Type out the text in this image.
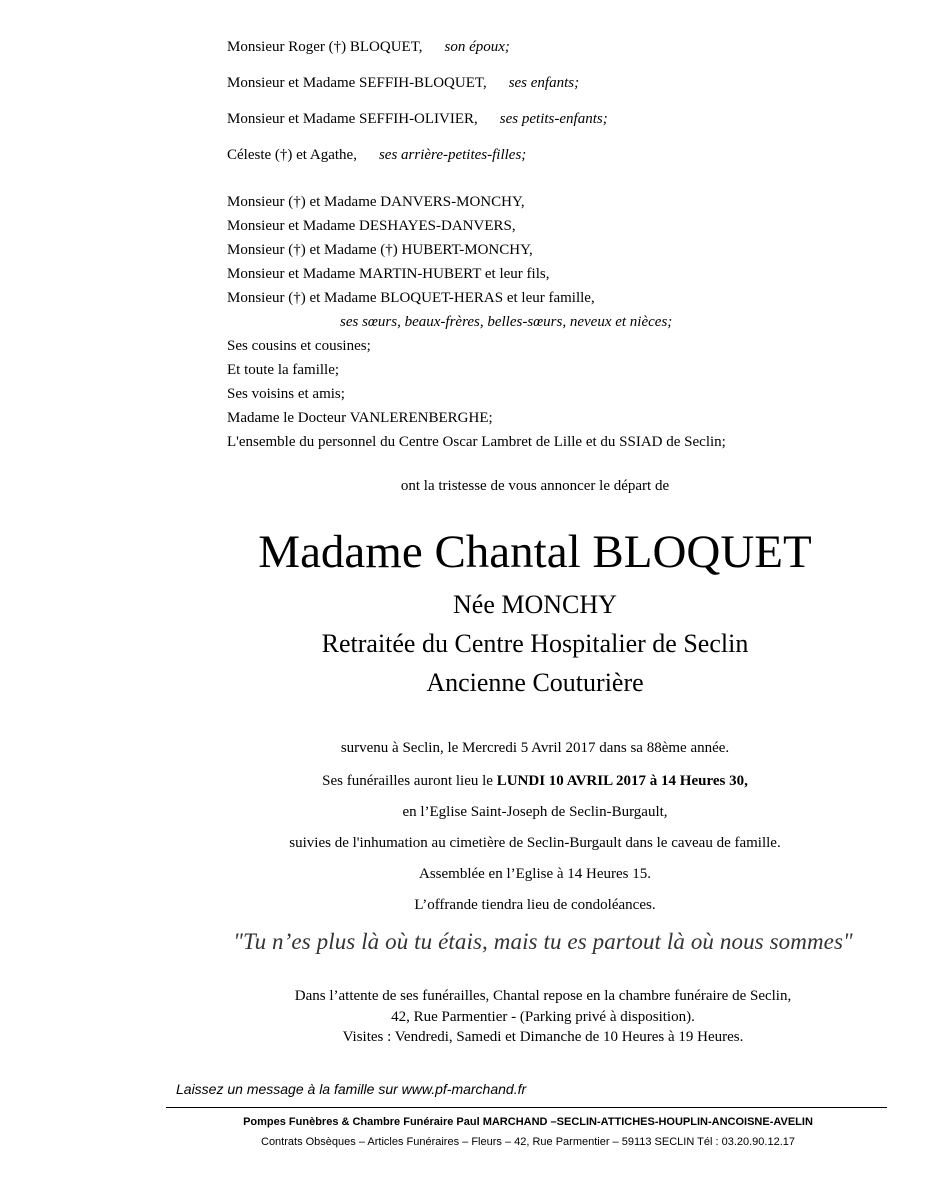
Monsieur Roger (†) BLOQUET, son époux;
Monsieur et Madame SEFFIH-BLOQUET, ses enfants;
Monsieur et Madame SEFFIH-OLIVIER, ses petits-enfants;
Céleste (†) et Agathe, ses arrière-petites-filles;
Monsieur (†) et Madame DANVERS-MONCHY,
Monsieur et Madame DESHAYES-DANVERS,
Monsieur (†) et Madame (†) HUBERT-MONCHY,
Monsieur et Madame MARTIN-HUBERT et leur fils,
Monsieur (†) et Madame BLOQUET-HERAS et leur famille,
ses sœurs, beaux-frères, belles-sœurs, neveux et nièces;
Ses cousins et cousines;
Et toute la famille;
Ses voisins et amis;
Madame le Docteur VANLERENBERGHE;
L'ensemble du personnel du Centre Oscar Lambret de Lille et du SSIAD de Seclin;
ont la tristesse de vous annoncer le départ de
Madame Chantal BLOQUET
Née MONCHY
Retraitée du Centre Hospitalier de Seclin
Ancienne Couturière
survenu à Seclin, le Mercredi 5 Avril 2017 dans sa 88ème année.
Ses funérailles auront lieu le LUNDI 10 AVRIL 2017 à 14 Heures 30,
en l’Eglise Saint-Joseph de Seclin-Burgault,
suivies de l'inhumation au cimetière de Seclin-Burgault dans le caveau de famille.
Assemblée en l’Eglise à 14 Heures 15.
L’offrande tiendra lieu de condoléances.
"Tu n’es plus là où tu étais, mais tu es partout là où nous sommes"
Dans l’attente de ses funérailles, Chantal repose en la chambre funéraire de Seclin,
42, Rue Parmentier - (Parking privé à disposition).
Visites : Vendredi, Samedi et Dimanche de 10 Heures à 19 Heures.
Laissez un message à la famille sur www.pf-marchand.fr
Pompes Funèbres & Chambre Funéraire Paul MARCHAND –SECLIN-ATTICHES-HOUPLIN-ANCOISNE-AVELIN
Contrats Obsèques – Articles Funéraires – Fleurs – 42, Rue Parmentier – 59113 SECLIN Tél : 03.20.90.12.17
